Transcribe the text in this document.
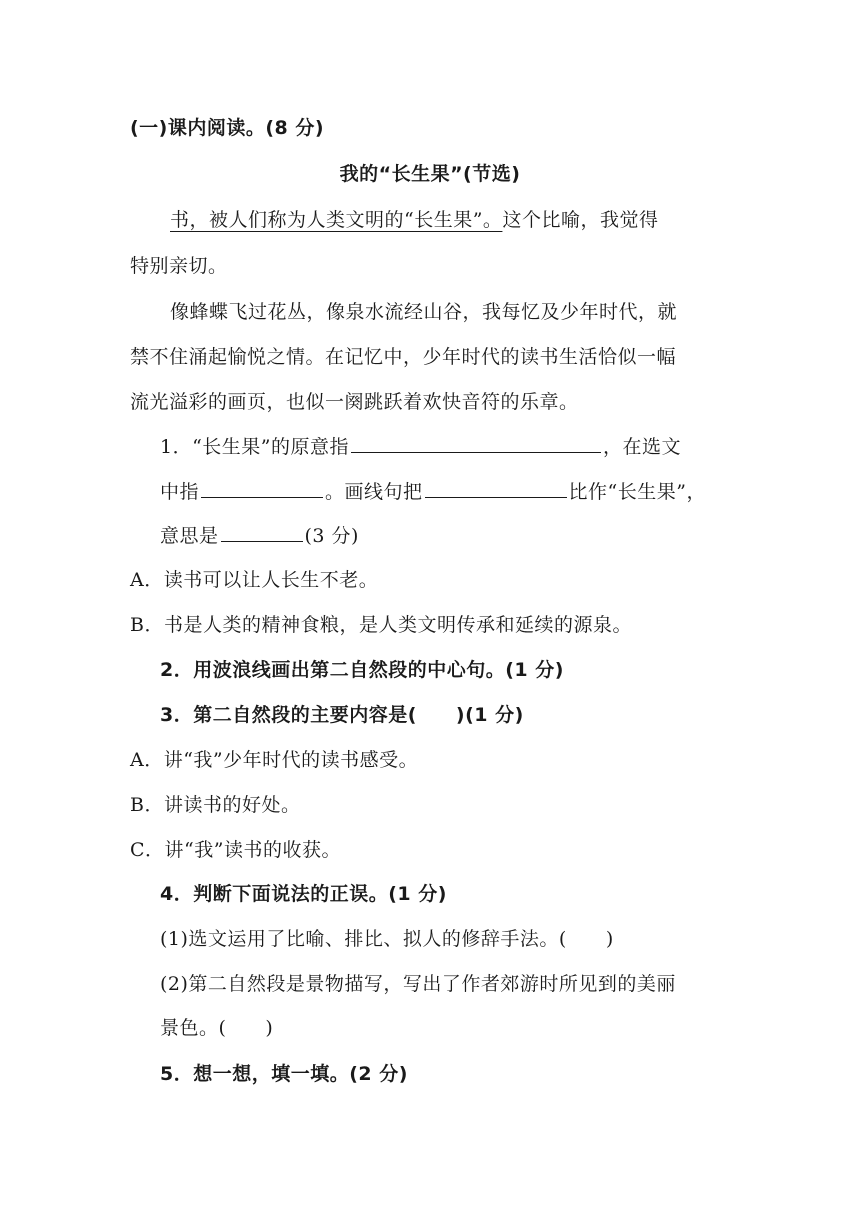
(一)课内阅读。(8 分)
我的“长生果”(节选)
书，被人们称为人类文明的“长生果”。这个比喻，我觉得
特别亲切。
像蜂蝶飞过花丛，像泉水流经山谷，我每忆及少年时代，就
禁不住涌起愉悦之情。在记忆中，少年时代的读书生活恰似一幅
流光溢彩的画页，也似一阕跳跃着欢快音符的乐章。
1．“长生果”的原意指	，在选文
中指	。画线句把	比作“长生果”，
意思是	(3 分)
A．读书可以让人长生不老。
B．书是人类的精神食粮，是人类文明传承和延续的源泉。
2．用波浪线画出第二自然段的中心句。(1 分)
3．第二自然段的主要内容是(　　)(1 分)
A．讲“我”少年时代的读书感受。
B．讲读书的好处。
C．讲“我”读书的收获。
4．判断下面说法的正误。(1 分)
(1)选文运用了比喻、排比、拟人的修辞手法。(　　)
(2)第二自然段是景物描写，写出了作者郊游时所见到的美丽
景色。(　　)
5．想一想，填一填。(2 分)
